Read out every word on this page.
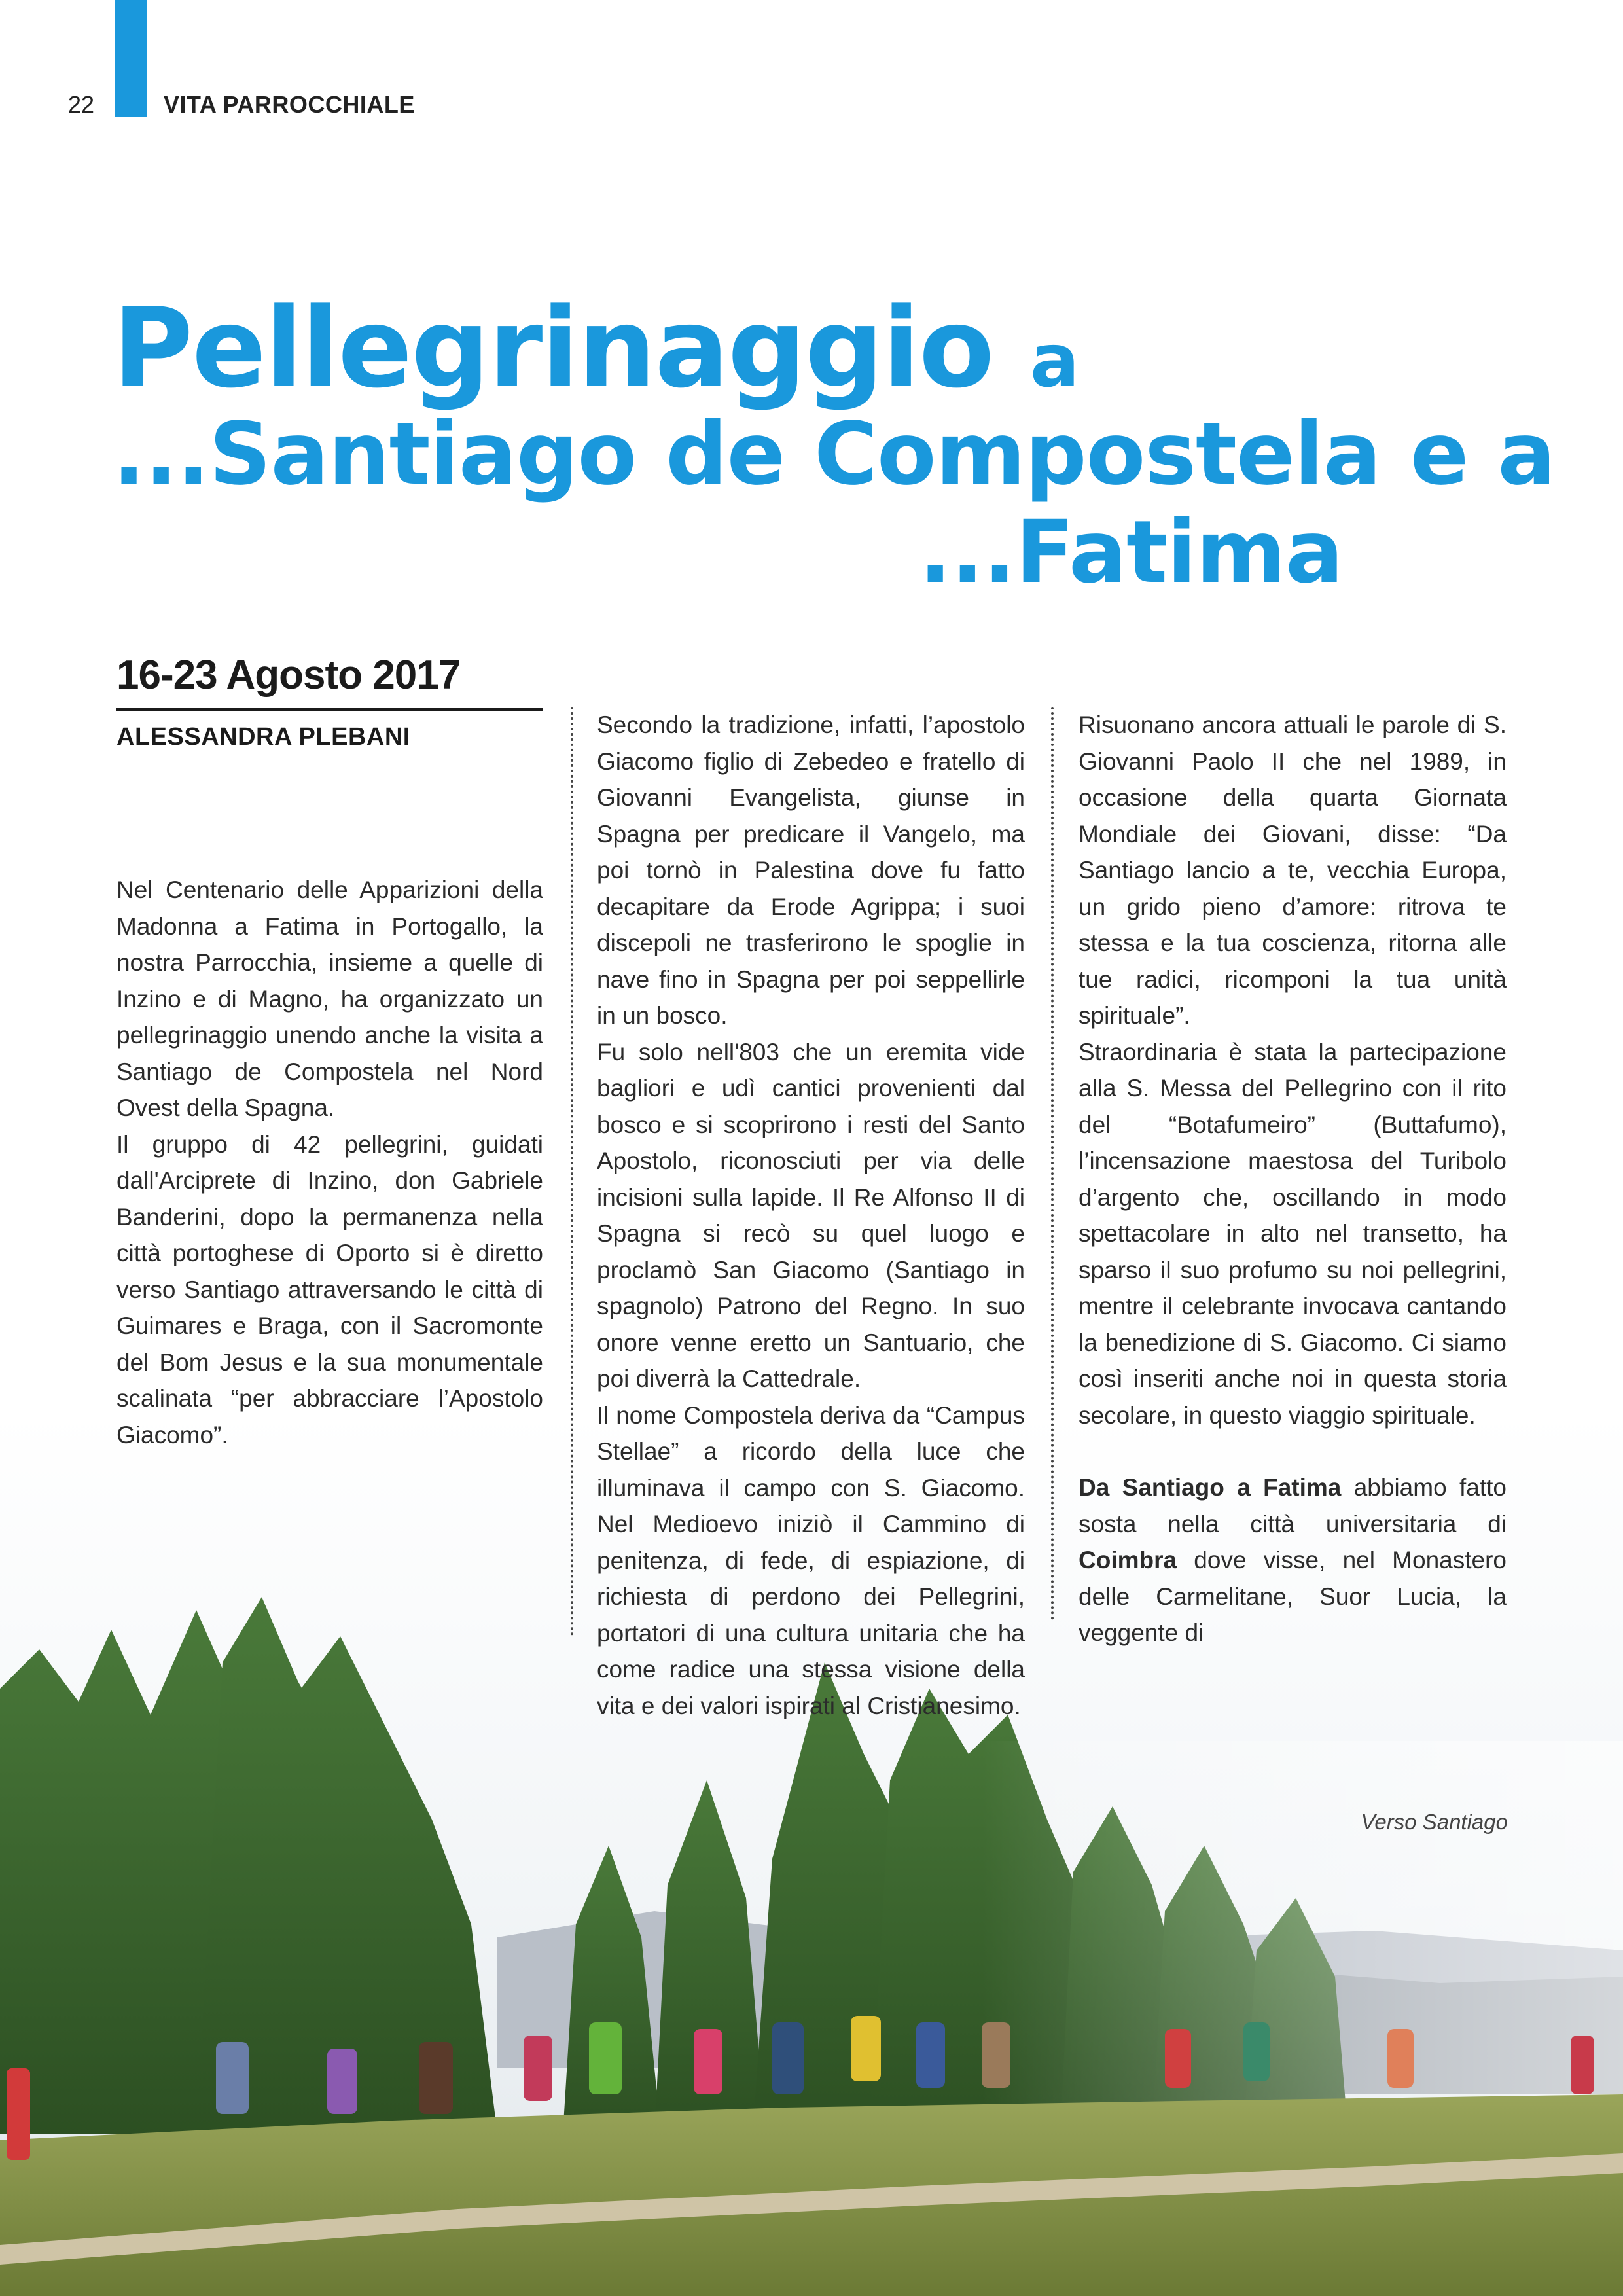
22	VITA PARROCCHIALE
Pellegrinaggio a
...Santiago de Compostela e a
...Fatima
16-23 Agosto 2017
ALESSANDRA PLEBANI

Nel Centenario delle Apparizioni della Madonna a Fatima in Portogallo, la nostra Parrocchia, insieme a quelle di Inzino e di Magno, ha organizzato un pellegrinaggio unendo anche la visita a Santiago de Compostela nel Nord Ovest della Spagna.

Il gruppo di 42 pellegrini, guidati dall'Arciprete di Inzino, don Gabriele Banderini, dopo la permanenza nella città portoghese di Oporto si è diretto verso Santiago attraversando le città di Guimares e Braga, con il Sacromonte del Bom Jesus e la sua monumentale scalinata “per abbracciare l’Apostolo Giacomo”.

Secondo la tradizione, infatti, l’apostolo Giacomo figlio di Zebedeo e fratello di Giovanni Evangelista, giunse in Spagna per predicare il Vangelo, ma poi tornò in Palestina dove fu fatto decapitare da Erode Agrippa; i suoi discepoli ne trasferirono le spoglie in nave fino in Spagna per poi seppellirle in un bosco.

Fu solo nell'803 che un eremita vide bagliori e udì cantici provenienti dal bosco e si scoprirono i resti del Santo Apostolo, riconosciuti per via delle incisioni sulla lapide. Il Re Alfonso II di Spagna si recò su quel luogo e proclamò San Giacomo (Santiago in spagnolo) Patrono del Regno. In suo onore venne eretto un Santuario, che poi diverrà la Cattedrale.

Il nome Compostela deriva da “Campus Stellae” a ricordo della luce che illuminava il campo con S. Giacomo. Nel Medioevo iniziò il Cammino di penitenza, di fede, di espiazione, di richiesta di perdono dei Pellegrini, portatori di una cultura unitaria che ha come radice una stessa visione della vita e dei valori ispirati al Cristianesimo.

Risuonano ancora attuali le parole di S. Giovanni Paolo II che nel 1989, in occasione della quarta Giornata Mondiale dei Giovani, disse: “Da Santiago lancio a te, vecchia Europa, un grido pieno d’amore: ritrova te stessa e la tua coscienza, ritorna alle tue radici, ricomponi la tua unità spirituale”.

Straordinaria è stata la partecipazione alla S. Messa del Pellegrino con il rito del “Botafumeiro” (Buttafumo), l’incensazione maestosa del Turibolo d’argento che, oscillando in modo spettacolare in alto nel transetto, ha sparso il suo profumo su noi pellegrini, mentre il celebrante invocava cantando la benedizione di S. Giacomo. Ci siamo così inseriti anche noi in questa storia secolare, in questo viaggio spirituale.

Da Santiago a Fatima abbiamo fatto sosta nella città universitaria di Coimbra dove visse, nel Monastero delle Carmelitane, Suor Lucia, la veggente di

Verso Santiago
